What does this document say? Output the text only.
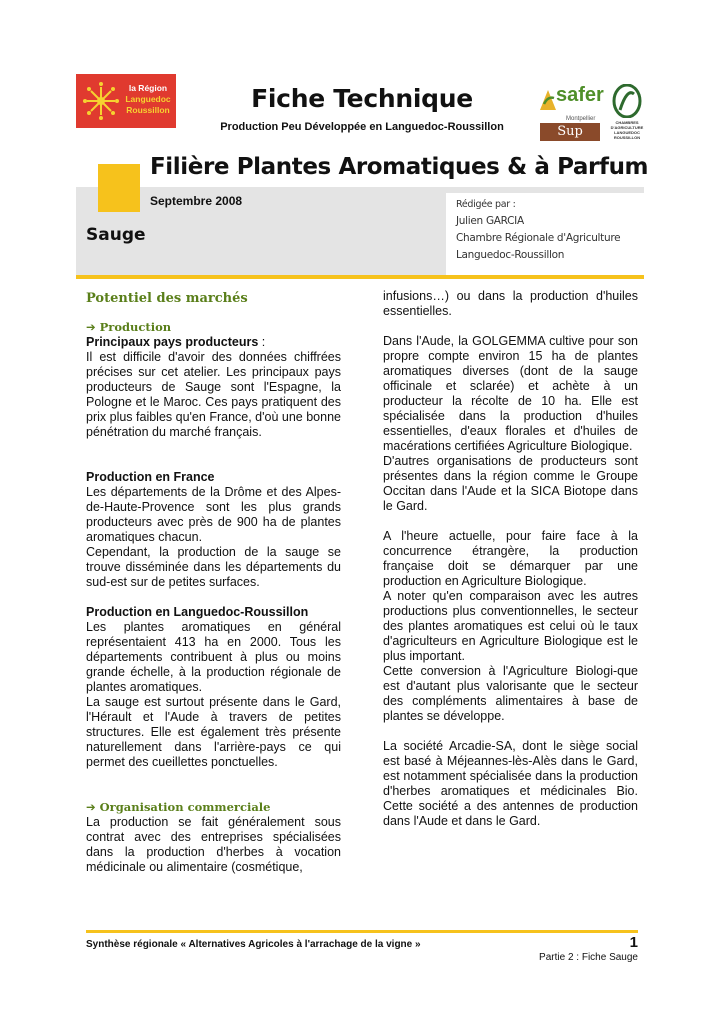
la Région
Languedoc
Roussillon	Fiche Technique
Production Peu Développée en Languedoc-Roussillon
safer
Montpellier
Sup Agro
CHAMBRES D'AGRICULTURE LANGUEDOC ROUSSILLON
Filière Plantes Aromatiques & à Parfum
Septembre 2008
Sauge
Rédigée par :
Julien GARCIA
Chambre Régionale d'Agriculture
Languedoc-Roussillon
Potentiel des marchés
➔ Production

Principaux pays producteurs :

Il est difficile d'avoir des données chiffrées précises sur cet atelier. Les principaux pays producteurs de Sauge sont l'Espagne, la Pologne et le Maroc. Ces pays pratiquent des prix plus faibles qu'en France, d'où une bonne pénétration du marché français.

Production en France

Les départements de la Drôme et des Alpes-de-Haute-Provence sont les plus grands producteurs avec près de 900 ha de plantes aromatiques chacun.

Cependant, la production de la sauge se trouve disséminée dans les départements du sud-est sur de petites surfaces.

Production en Languedoc-Roussillon

Les plantes aromatiques en général représentaient 413 ha en 2000. Tous les départements contribuent à plus ou moins grande échelle, à la production régionale de plantes aromatiques.

La sauge est surtout présente dans le Gard, l'Hérault et l'Aude à travers de petites structures. Elle est également très présente naturellement dans l'arrière-pays ce qui permet des cueillettes ponctuelles.

➔ Organisation commerciale

La production se fait généralement sous contrat avec des entreprises spécialisées dans la production d'herbes à vocation médicinale ou alimentaire (cosmétique,

infusions…) ou dans la production d'huiles essentielles.

Dans l'Aude, la GOLGEMMA cultive pour son propre compte environ 15 ha de plantes aromatiques diverses (dont de la sauge officinale et sclarée) et achète à un producteur la récolte de 10 ha. Elle est spécialisée dans la production d'huiles essentielles, d'eaux florales et d'huiles de macérations certifiées Agriculture Biologique.

D'autres organisations de producteurs sont présentes dans la région comme le Groupe Occitan dans l'Aude et la SICA Biotope dans le Gard.

A l'heure actuelle, pour faire face à la concurrence étrangère, la production française doit se démarquer par une production en Agriculture Biologique.

A noter qu'en comparaison avec les autres productions plus conventionnelles, le secteur des plantes aromatiques est celui où le taux d'agriculteurs en Agriculture Biologique est le plus important.

Cette conversion à l'Agriculture Biologi-que est d'autant plus valorisante que le secteur des compléments alimentaires à base de plantes se développe.

La société Arcadie-SA, dont le siège social est basé à Méjeannes-lès-Alès dans le Gard, est notamment spécialisée dans la production d'herbes aromatiques et médicinales Bio. Cette société a des antennes de production dans l'Aude et dans le Gard.

Synthèse régionale « Alternatives Agricoles à l'arrachage de la vigne »	1
Partie 2 : Fiche Sauge
